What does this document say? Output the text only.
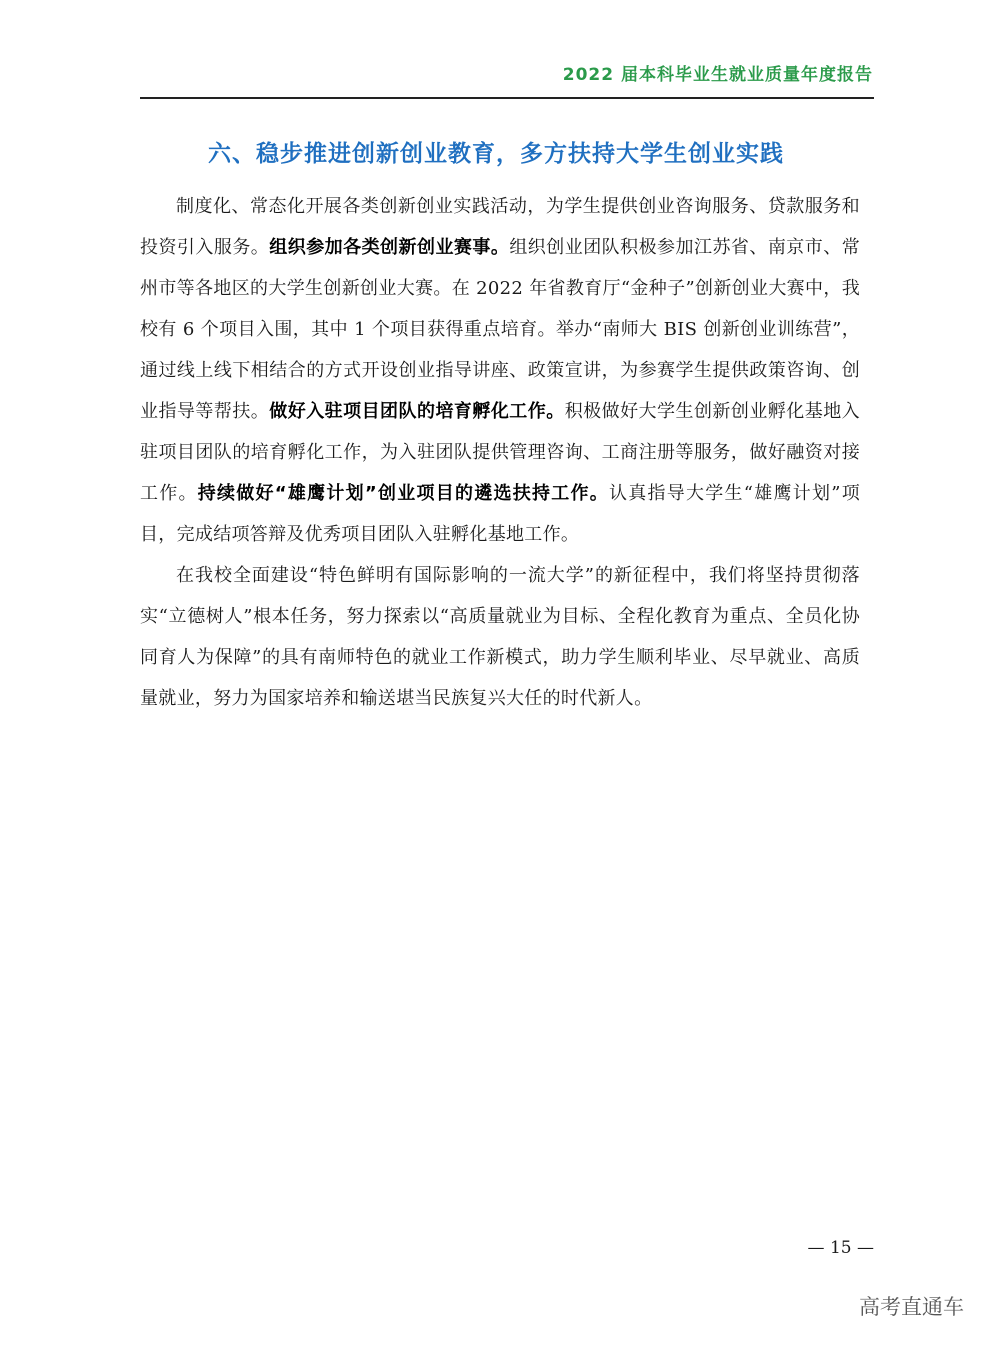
2022 届本科毕业生就业质量年度报告
六、稳步推进创新创业教育，多方扶持大学生创业实践

制度化、常态化开展各类创新创业实践活动，为学生提供创业咨询服务、贷款服务和投资引入服务。组织参加各类创新创业赛事。组织创业团队积极参加江苏省、南京市、常州市等各地区的大学生创新创业大赛。在 2022 年省教育厅“金种子”创新创业大赛中，我校有 6 个项目入围，其中 1 个项目获得重点培育。举办“南师大 BIS 创新创业训练营”，通过线上线下相结合的方式开设创业指导讲座、政策宣讲，为参赛学生提供政策咨询、创业指导等帮扶。做好入驻项目团队的培育孵化工作。积极做好大学生创新创业孵化基地入驻项目团队的培育孵化工作，为入驻团队提供管理咨询、工商注册等服务，做好融资对接工作。持续做好“雄鹰计划”创业项目的遴选扶持工作。认真指导大学生“雄鹰计划”项目，完成结项答辩及优秀项目团队入驻孵化基地工作。

在我校全面建设“特色鲜明有国际影响的一流大学”的新征程中，我们将坚持贯彻落实“立德树人”根本任务，努力探索以“高质量就业为目标、全程化教育为重点、全员化协同育人为保障”的具有南师特色的就业工作新模式，助力学生顺利毕业、尽早就业、高质量就业，努力为国家培养和输送堪当民族复兴大任的时代新人。

— 15 —
高考直通车
